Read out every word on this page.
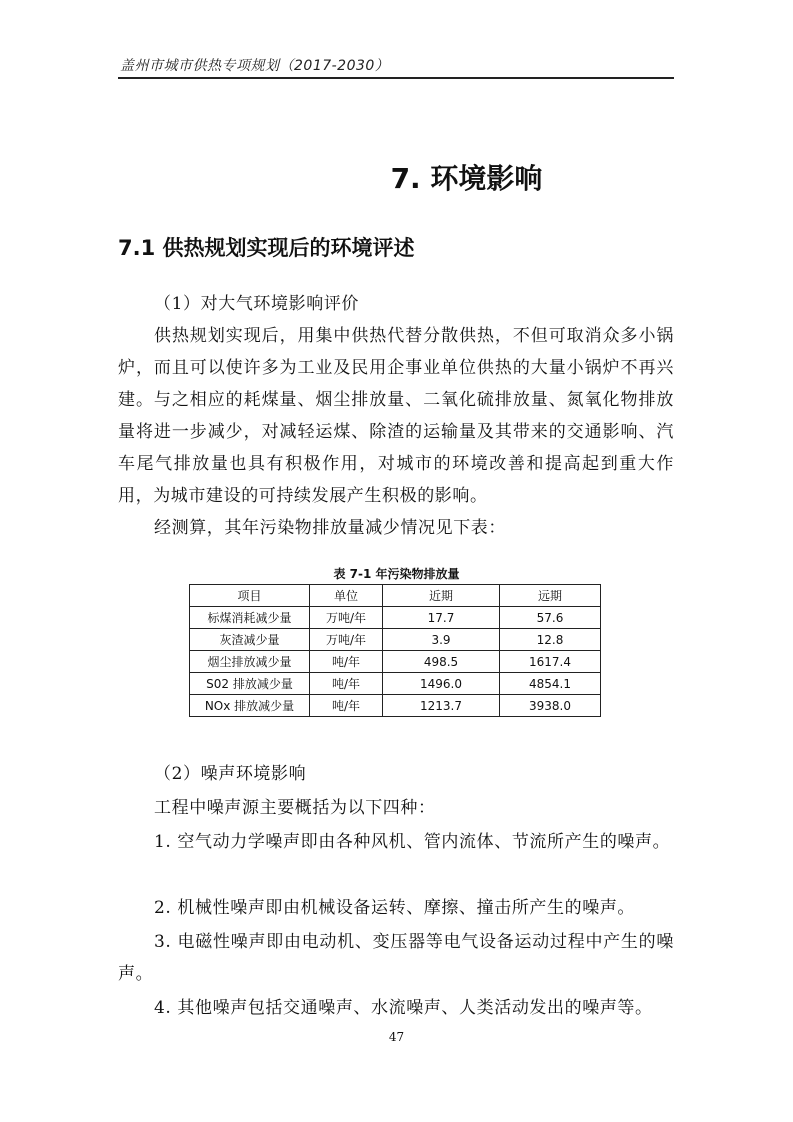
盖州市城市供热专项规划（2017-2030）
7. 环境影响
7.1 供热规划实现后的环境评述

（1）对大气环境影响评价

供热规划实现后，用集中供热代替分散供热，不但可取消众多小锅炉，而且可以使许多为工业及民用企事业单位供热的大量小锅炉不再兴建。与之相应的耗煤量、烟尘排放量、二氧化硫排放量、氮氧化物排放量将进一步减少，对减轻运煤、除渣的运输量及其带来的交通影响、汽车尾气排放量也具有积极作用，对城市的环境改善和提高起到重大作用，为城市建设的可持续发展产生积极的影响。

经测算，其年污染物排放量减少情况见下表：

表 7-1 年污染物排放量
项目	单位	近期	远期
标煤消耗减少量	万吨/年	17.7	57.6
灰渣减少量	万吨/年	3.9	12.8
烟尘排放减少量	吨/年	498.5	1617.4
S02 排放减少量	吨/年	1496.0	4854.1
NOx 排放减少量	吨/年	1213.7	3938.0

（2）噪声环境影响

工程中噪声源主要概括为以下四种：

1. 空气动力学噪声即由各种风机、管内流体、节流所产生的噪声。

2. 机械性噪声即由机械设备运转、摩擦、撞击所产生的噪声。

3. 电磁性噪声即由电动机、变压器等电气设备运动过程中产生的噪声。

4. 其他噪声包括交通噪声、水流噪声、人类活动发出的噪声等。

47
